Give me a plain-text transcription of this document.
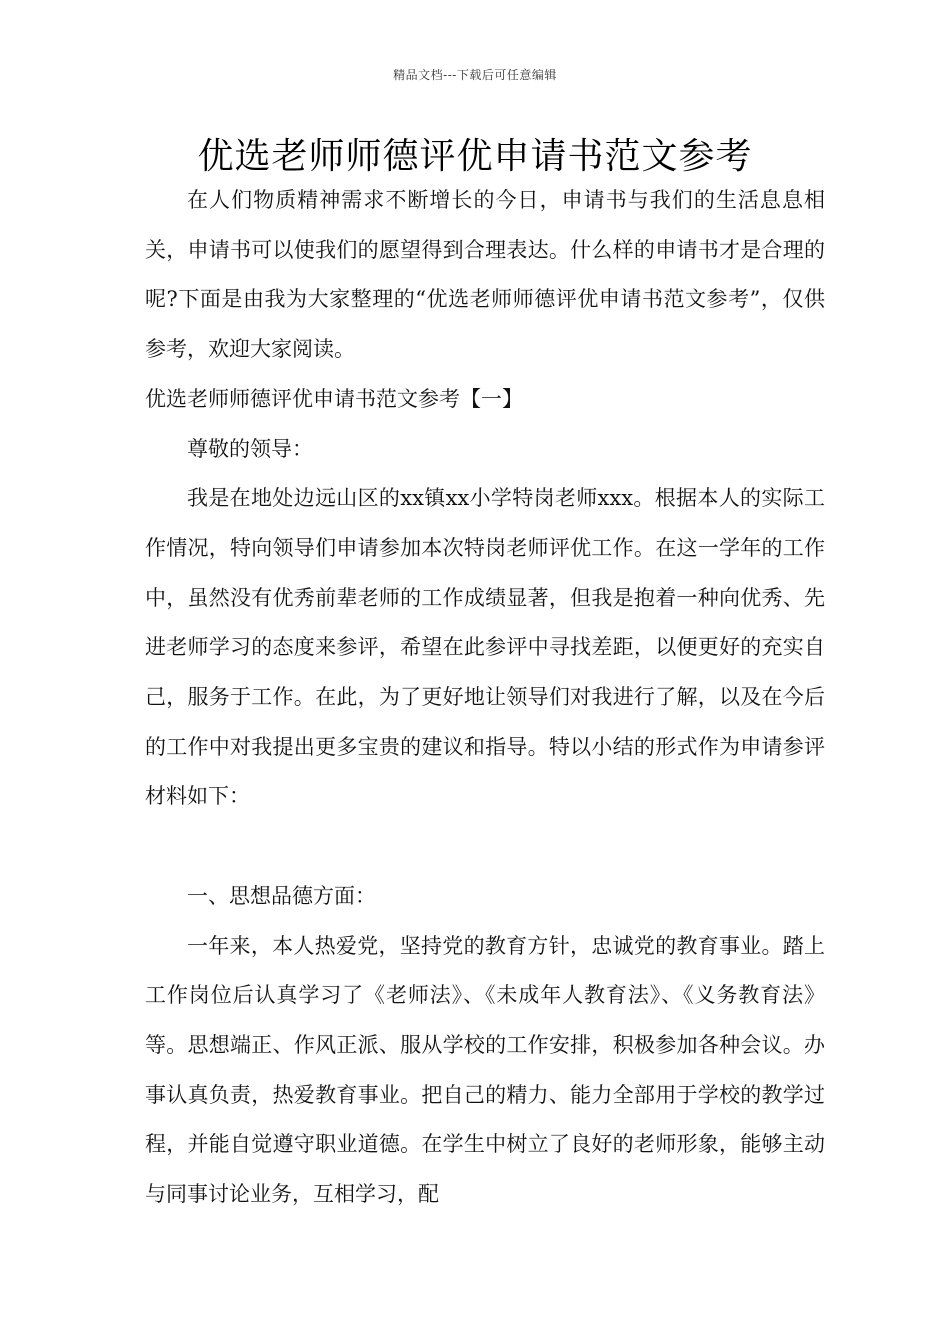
精品文档---下载后可任意编辑
优选老师师德评优申请书范文参考

在人们物质精神需求不断增长的今日，申请书与我们的生活息息相关，申请书可以使我们的愿望得到合理表达。什么样的申请书才是合理的呢?下面是由我为大家整理的“优选老师师德评优申请书范文参考”，仅供参考，欢迎大家阅读。

优选老师师德评优申请书范文参考【一】

尊敬的领导：

我是在地处边远山区的xx镇xx小学特岗老师xxx。根据本人的实际工作情况，特向领导们申请参加本次特岗老师评优工作。在这一学年的工作中，虽然没有优秀前辈老师的工作成绩显著，但我是抱着一种向优秀、先进老师学习的态度来参评，希望在此参评中寻找差距，以便更好的充实自己，服务于工作。在此，为了更好地让领导们对我进行了解，以及在今后的工作中对我提出更多宝贵的建议和指导。特以小结的形式作为申请参评材料如下：

一、思想品德方面：

一年来，本人热爱党，坚持党的教育方针，忠诚党的教育事业。踏上工作岗位后认真学习了《老师法》、《未成年人教育法》、《义务教育法》等。思想端正、作风正派、服从学校的工作安排，积极参加各种会议。办事认真负责，热爱教育事业。把自己的精力、能力全部用于学校的教学过程，并能自觉遵守职业道德。在学生中树立了良好的老师形象，能够主动与同事讨论业务，互相学习，配
